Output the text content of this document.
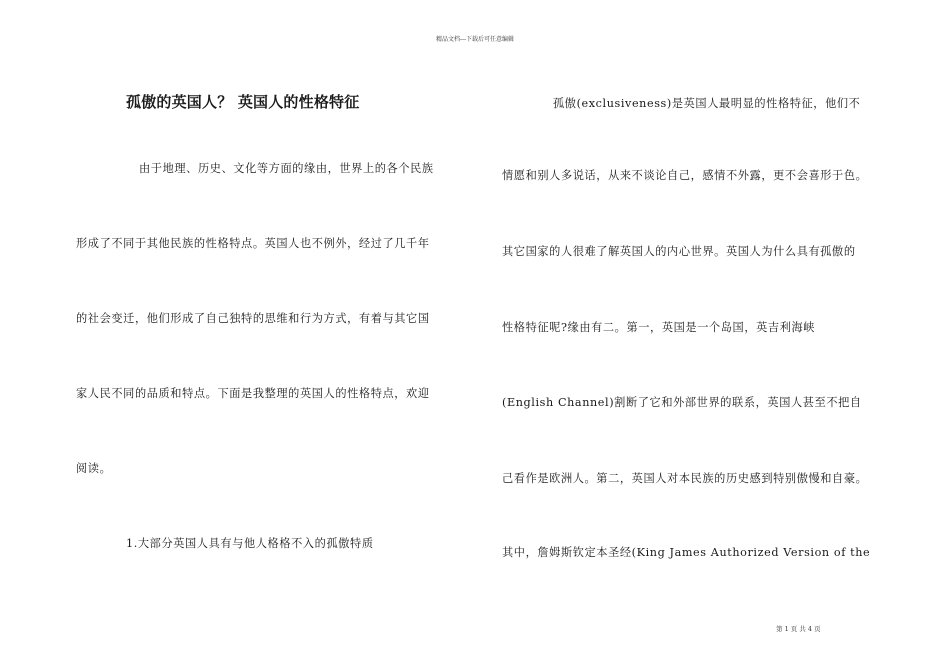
精品文档---下载后可任意编辑
孤傲的英国人？ 英国人的性格特征
由于地理、历史、文化等方面的缘由，世界上的各个民族
形成了不同于其他民族的性格特点。英国人也不例外，经过了几千年
的社会变迁，他们形成了自己独特的思维和行为方式，有着与其它国
家人民不同的品质和特点。下面是我整理的英国人的性格特点，欢迎
阅读。
1.大部分英国人具有与他人格格不入的孤傲特质
孤傲(exclusiveness)是英国人最明显的性格特征，他们不
情愿和别人多说话，从来不谈论自己，感情不外露，更不会喜形于色。
其它国家的人很难了解英国人的内心世界。英国人为什么具有孤傲的
性格特征呢?缘由有二。第一，英国是一个岛国，英吉利海峡
(English Channel)割断了它和外部世界的联系，英国人甚至不把自
己看作是欧洲人。第二，英国人对本民族的历史感到特别傲慢和自豪。
其中，詹姆斯钦定本圣经(King James Authorized Version of the
第 1 页 共 4 页
